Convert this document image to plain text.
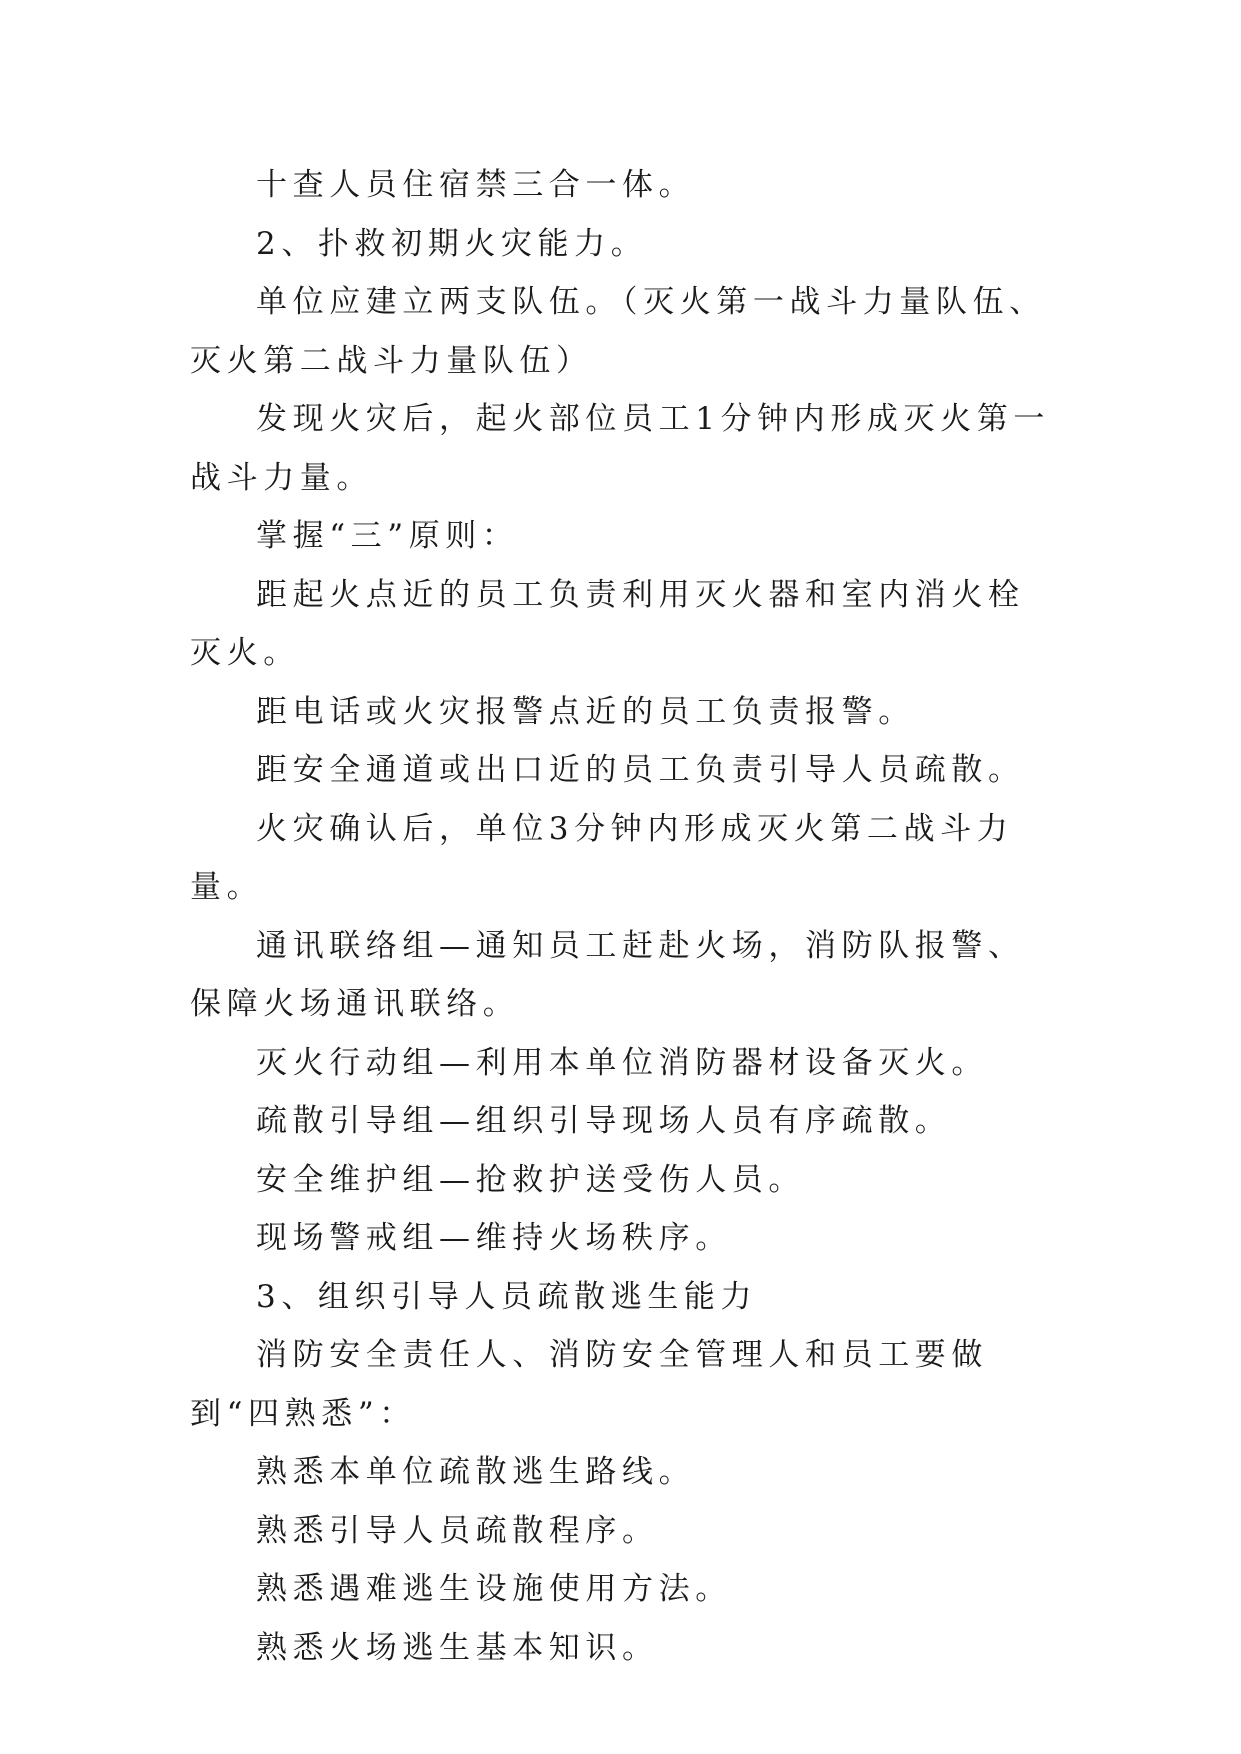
十查人员住宿禁三合一体。

2、扑救初期火灾能力。

单位应建立两支队伍。（灭火第一战斗力量队伍、灭火第二战斗力量队伍）

发现火灾后，起火部位员工1分钟内形成灭火第一战斗力量。

掌握“三”原则：

距起火点近的员工负责利用灭火器和室内消火栓灭火。

距电话或火灾报警点近的员工负责报警。

距安全通道或出口近的员工负责引导人员疏散。

火灾确认后，单位3分钟内形成灭火第二战斗力量。

通讯联络组—通知员工赶赴火场，消防队报警、保障火场通讯联络。

灭火行动组—利用本单位消防器材设备灭火。

疏散引导组—组织引导现场人员有序疏散。

安全维护组—抢救护送受伤人员。

现场警戒组—维持火场秩序。

3、组织引导人员疏散逃生能力

消防安全责任人、消防安全管理人和员工要做到“四熟悉”：

熟悉本单位疏散逃生路线。

熟悉引导人员疏散程序。

熟悉遇难逃生设施使用方法。

熟悉火场逃生基本知识。
